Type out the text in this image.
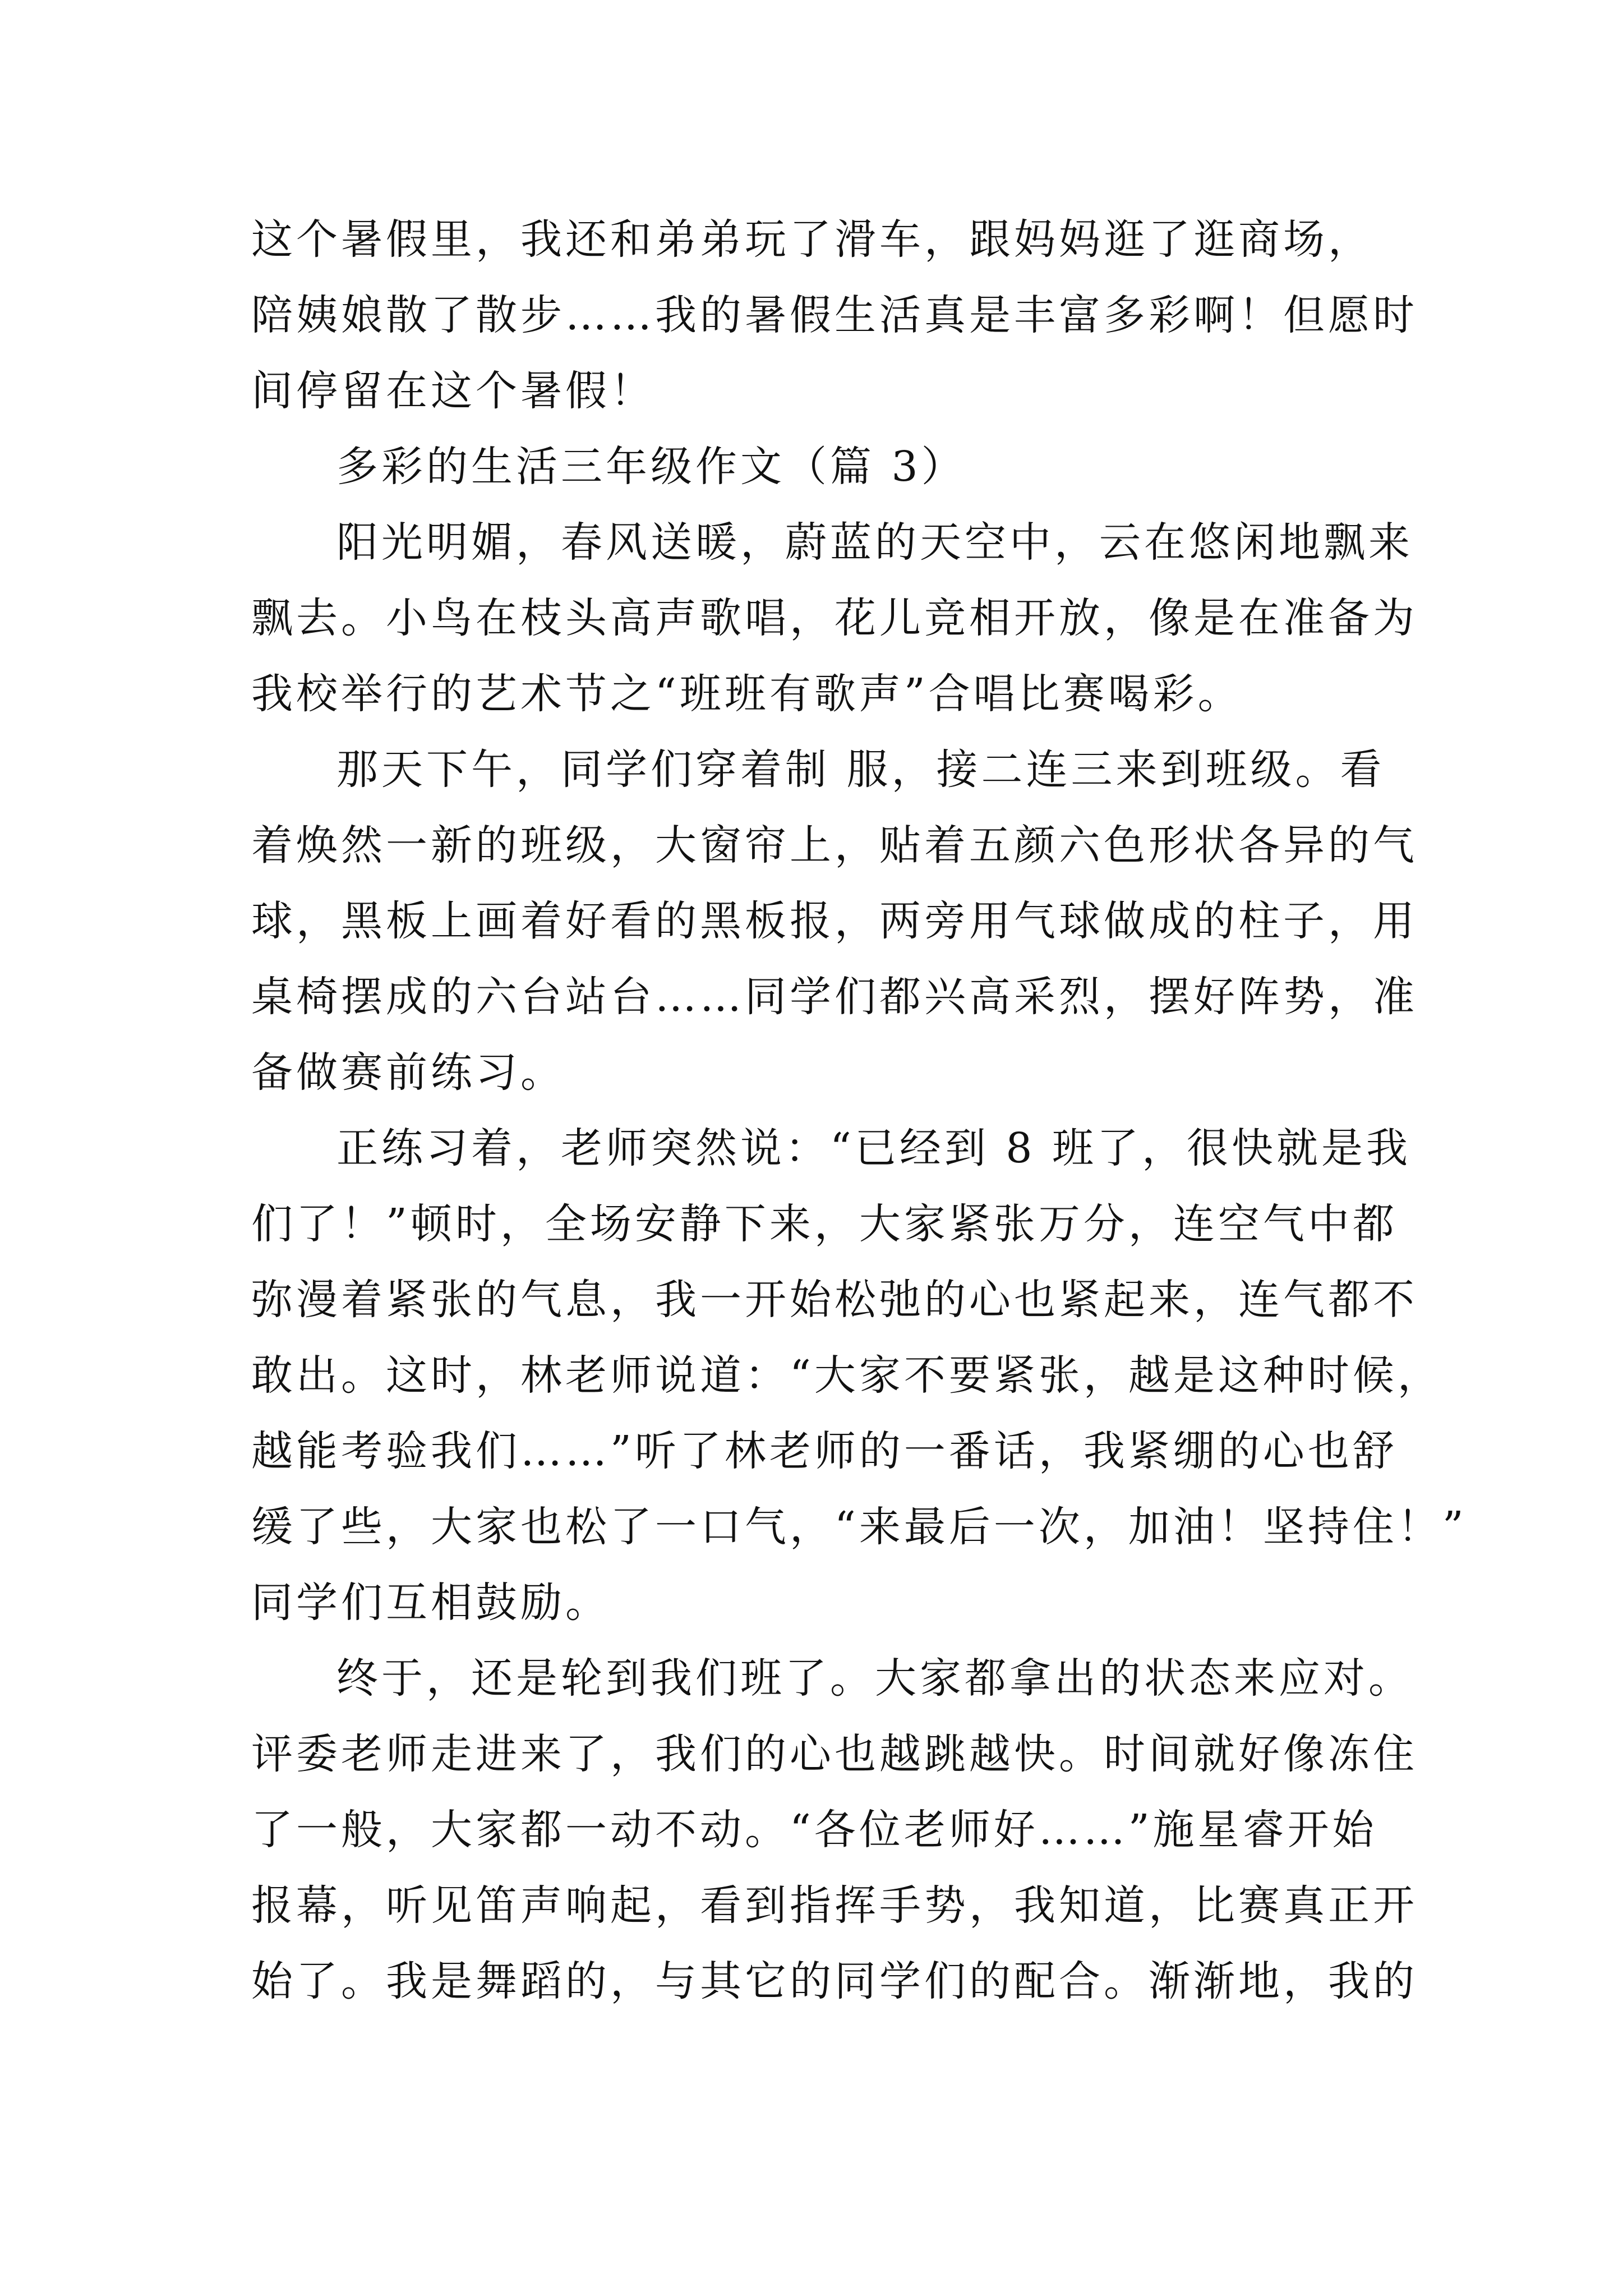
这个暑假里，我还和弟弟玩了滑车，跟妈妈逛了逛商场，
陪姨娘散了散步……我的暑假生活真是丰富多彩啊！但愿时
间停留在这个暑假！
多彩的生活三年级作文（篇 3）
阳光明媚，春风送暖，蔚蓝的天空中，云在悠闲地飘来
飘去。小鸟在枝头高声歌唱，花儿竞相开放，像是在准备为
我校举行的艺术节之“班班有歌声”合唱比赛喝彩。
那天下午，同学们穿着制 服，接二连三来到班级。看
着焕然一新的班级，大窗帘上，贴着五颜六色形状各异的气
球，黑板上画着好看的黑板报，两旁用气球做成的柱子，用
桌椅摆成的六台站台……同学们都兴高采烈，摆好阵势，准
备做赛前练习。
正练习着，老师突然说：“已经到 8 班了，很快就是我
们了！”顿时，全场安静下来，大家紧张万分，连空气中都
弥漫着紧张的气息，我一开始松弛的心也紧起来，连气都不
敢出。这时，林老师说道：“大家不要紧张，越是这种时候，
越能考验我们……”听了林老师的一番话，我紧绷的心也舒
缓了些，大家也松了一口气，“来最后一次，加油！坚持住！”
同学们互相鼓励。
终于，还是轮到我们班了。大家都拿出的状态来应对。
评委老师走进来了，我们的心也越跳越快。时间就好像冻住
了一般，大家都一动不动。“各位老师好……”施星睿开始
报幕，听见笛声响起，看到指挥手势，我知道，比赛真正开
始了。我是舞蹈的，与其它的同学们的配合。渐渐地，我的
